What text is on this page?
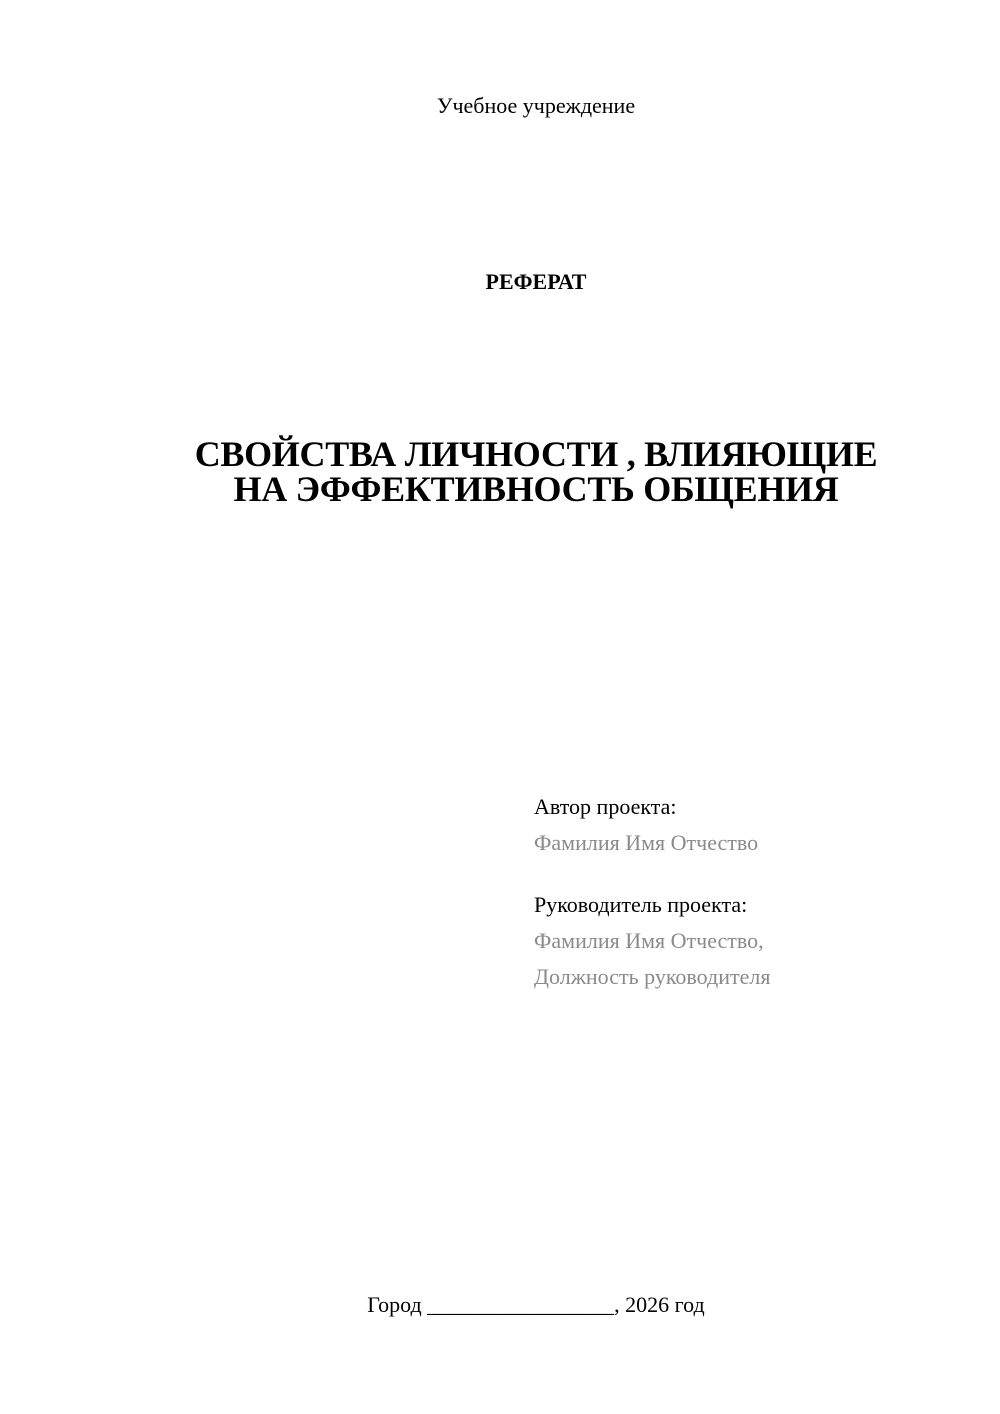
Учебное учреждение
РЕФЕРАТ
СВОЙСТВА ЛИЧНОСТИ , ВЛИЯЮЩИЕ
НА ЭФФЕКТИВНОСТЬ ОБЩЕНИЯ
Автор проекта:
Фамилия Имя Отчество
Руководитель проекта:
Фамилия Имя Отчество,
Должность руководителя
Город _________________, 2026 год
